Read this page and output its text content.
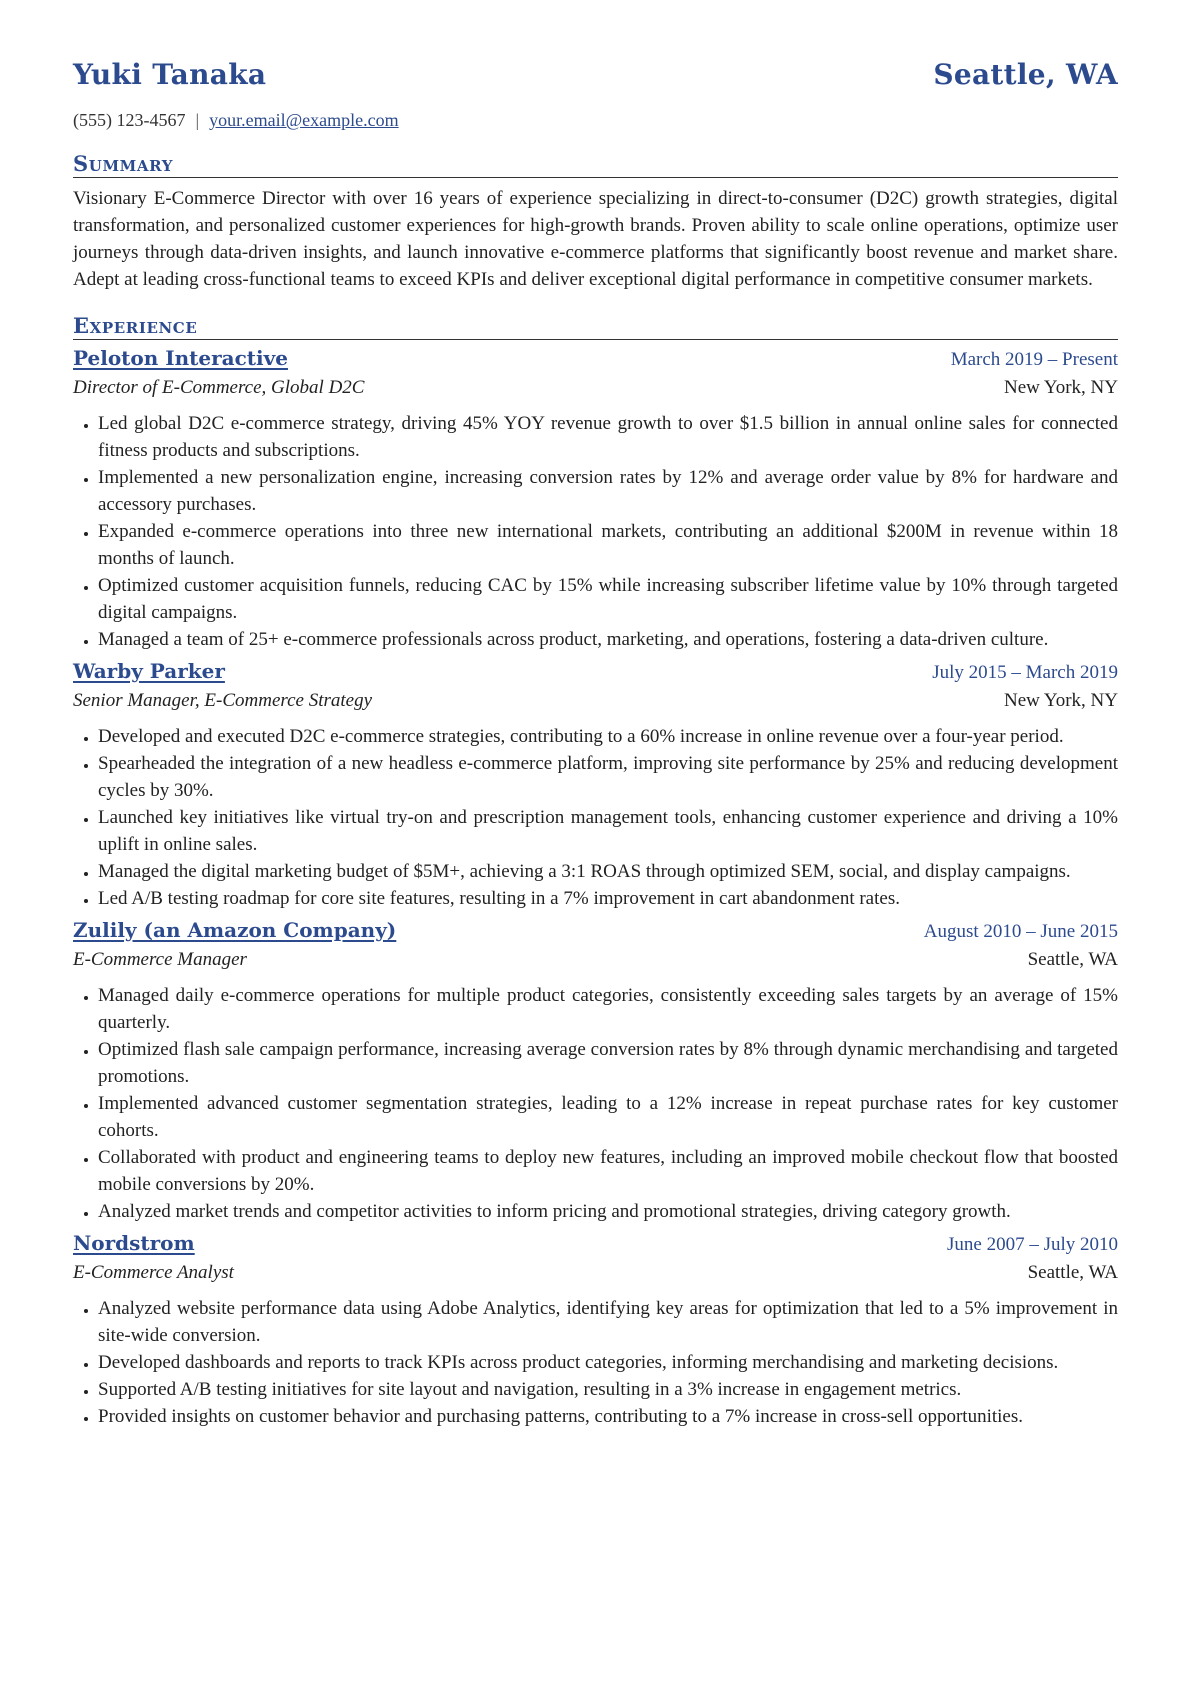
Yuki Tanaka	Seattle, WA
(555) 123-4567 | your.email@example.com
Summary
Visionary E-Commerce Director with over 16 years of experience specializing in direct-to-consumer (D2C) growth strategies, digital transformation, and personalized customer experiences for high-growth brands. Proven ability to scale online operations, optimize user journeys through data-driven insights, and launch innovative e-commerce platforms that significantly boost revenue and market share. Adept at leading cross-functional teams to exceed KPIs and deliver exceptional digital performance in competitive consumer markets.
Experience
Peloton Interactive	March 2019 – Present
Director of E-Commerce, Global D2C	New York, NY
• Led global D2C e-commerce strategy, driving 45% YOY revenue growth to over $1.5 billion in annual online sales for connected fitness products and subscriptions.
• Implemented a new personalization engine, increasing conversion rates by 12% and average order value by 8% for hardware and accessory purchases.
• Expanded e-commerce operations into three new international markets, contributing an additional $200M in revenue within 18 months of launch.
• Optimized customer acquisition funnels, reducing CAC by 15% while increasing subscriber lifetime value by 10% through targeted digital campaigns.
• Managed a team of 25+ e-commerce professionals across product, marketing, and operations, fostering a data-driven culture.
Warby Parker	July 2015 – March 2019
Senior Manager, E-Commerce Strategy	New York, NY
• Developed and executed D2C e-commerce strategies, contributing to a 60% increase in online revenue over a four-year period.
• Spearheaded the integration of a new headless e-commerce platform, improving site performance by 25% and reducing development cycles by 30%.
• Launched key initiatives like virtual try-on and prescription management tools, enhancing customer experience and driving a 10% uplift in online sales.
• Managed the digital marketing budget of $5M+, achieving a 3:1 ROAS through optimized SEM, social, and display campaigns.
• Led A/B testing roadmap for core site features, resulting in a 7% improvement in cart abandonment rates.
Zulily (an Amazon Company)	August 2010 – June 2015
E-Commerce Manager	Seattle, WA
• Managed daily e-commerce operations for multiple product categories, consistently exceeding sales targets by an average of 15% quarterly.
• Optimized flash sale campaign performance, increasing average conversion rates by 8% through dynamic merchandising and targeted promotions.
• Implemented advanced customer segmentation strategies, leading to a 12% increase in repeat purchase rates for key customer cohorts.
• Collaborated with product and engineering teams to deploy new features, including an improved mobile checkout flow that boosted mobile conversions by 20%.
• Analyzed market trends and competitor activities to inform pricing and promotional strategies, driving category growth.
Nordstrom	June 2007 – July 2010
E-Commerce Analyst	Seattle, WA
• Analyzed website performance data using Adobe Analytics, identifying key areas for optimization that led to a 5% improvement in site-wide conversion.
• Developed dashboards and reports to track KPIs across product categories, informing merchandising and marketing decisions.
• Supported A/B testing initiatives for site layout and navigation, resulting in a 3% increase in engagement metrics.
• Provided insights on customer behavior and purchasing patterns, contributing to a 7% increase in cross-sell opportunities.
